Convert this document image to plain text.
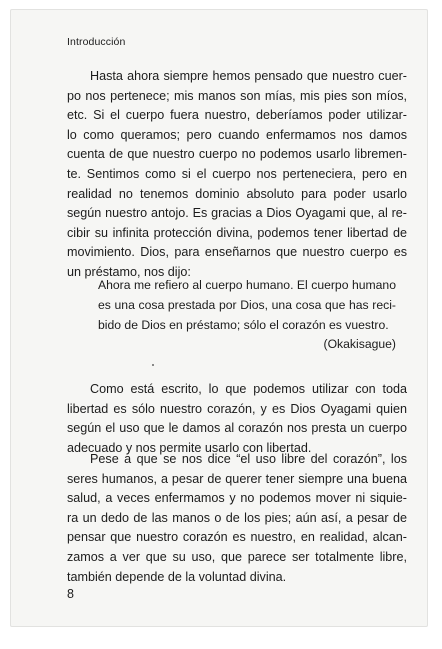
Introducción
Hasta ahora siempre hemos pensado que nuestro cuer-
po nos pertenece; mis manos son mías, mis pies son míos,
etc. Si el cuerpo fuera nuestro, deberíamos poder utilizar-
lo como queramos; pero cuando enfermamos nos damos
cuenta de que nuestro cuerpo no podemos usarlo libremen-
te. Sentimos como si el cuerpo nos perteneciera, pero en
realidad no tenemos dominio absoluto para poder usarlo
según nuestro antojo. Es gracias a Dios Oyagami que, al re-
cibir su infinita protección divina, podemos tener libertad de
movimiento. Dios, para enseñarnos que nuestro cuerpo es
un préstamo, nos dijo:
Ahora me refiero al cuerpo humano. El cuerpo humano
es una cosa prestada por Dios, una cosa que has reci-
bido de Dios en préstamo; sólo el corazón es vuestro.
(Okakisague)
Como está escrito, lo que podemos utilizar con toda
libertad es sólo nuestro corazón, y es Dios Oyagami quien
según el uso que le damos al corazón nos presta un cuerpo
adecuado y nos permite usarlo con libertad.
Pese a que se nos dice “el uso libre del corazón”, los
seres humanos, a pesar de querer tener siempre una buena
salud, a veces enfermamos y no podemos mover ni siquie-
ra un dedo de las manos o de los pies; aún así, a pesar de
pensar que nuestro corazón es nuestro, en realidad, alcan-
zamos a ver que su uso, que parece ser totalmente libre,
también depende de la voluntad divina.
8
